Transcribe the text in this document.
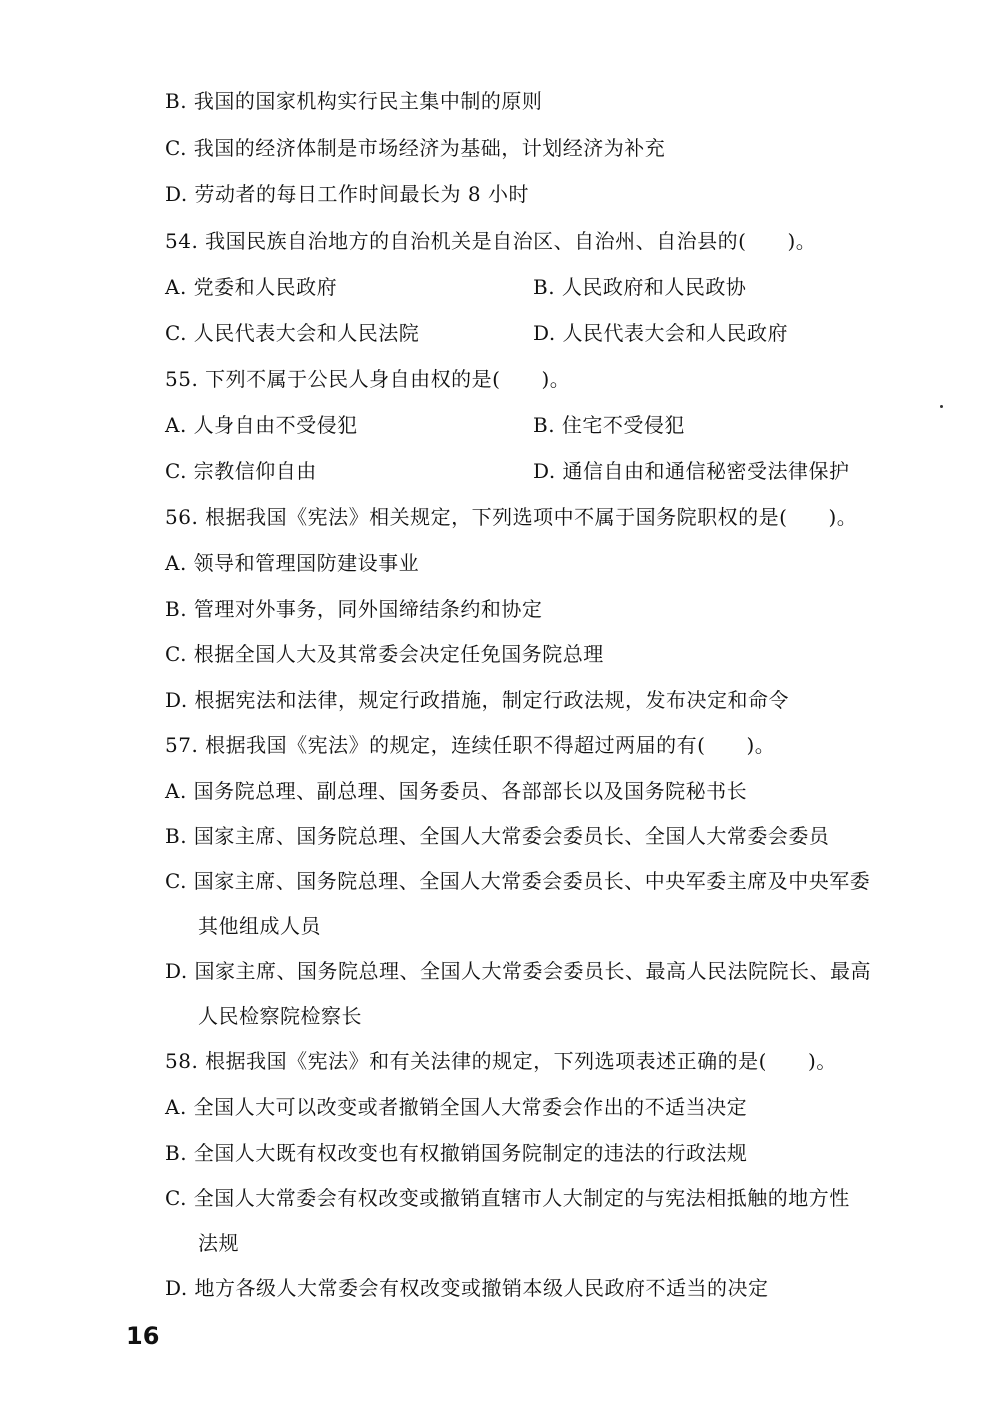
B. 我国的国家机构实行民主集中制的原则
C. 我国的经济体制是市场经济为基础，计划经济为补充
D. 劳动者的每日工作时间最长为 8 小时
54. 我国民族自治地方的自治机关是自治区、自治州、自治县的(　　)。
A. 党委和人民政府	B. 人民政府和人民政协
C. 人民代表大会和人民法院	D. 人民代表大会和人民政府
55. 下列不属于公民人身自由权的是(　　)。
A. 人身自由不受侵犯	B. 住宅不受侵犯
C. 宗教信仰自由	D. 通信自由和通信秘密受法律保护
56. 根据我国《宪法》相关规定，下列选项中不属于国务院职权的是(　　)。
A. 领导和管理国防建设事业
B. 管理对外事务，同外国缔结条约和协定
C. 根据全国人大及其常委会决定任免国务院总理
D. 根据宪法和法律，规定行政措施，制定行政法规，发布决定和命令
57. 根据我国《宪法》的规定，连续任职不得超过两届的有(　　)。
A. 国务院总理、副总理、国务委员、各部部长以及国务院秘书长
B. 国家主席、国务院总理、全国人大常委会委员长、全国人大常委会委员
C. 国家主席、国务院总理、全国人大常委会委员长、中央军委主席及中央军委
其他组成人员
D. 国家主席、国务院总理、全国人大常委会委员长、最高人民法院院长、最高
人民检察院检察长
58. 根据我国《宪法》和有关法律的规定，下列选项表述正确的是(　　)。
A. 全国人大可以改变或者撤销全国人大常委会作出的不适当决定
B. 全国人大既有权改变也有权撤销国务院制定的违法的行政法规
C. 全国人大常委会有权改变或撤销直辖市人大制定的与宪法相抵触的地方性
法规
D. 地方各级人大常委会有权改变或撤销本级人民政府不适当的决定
16
